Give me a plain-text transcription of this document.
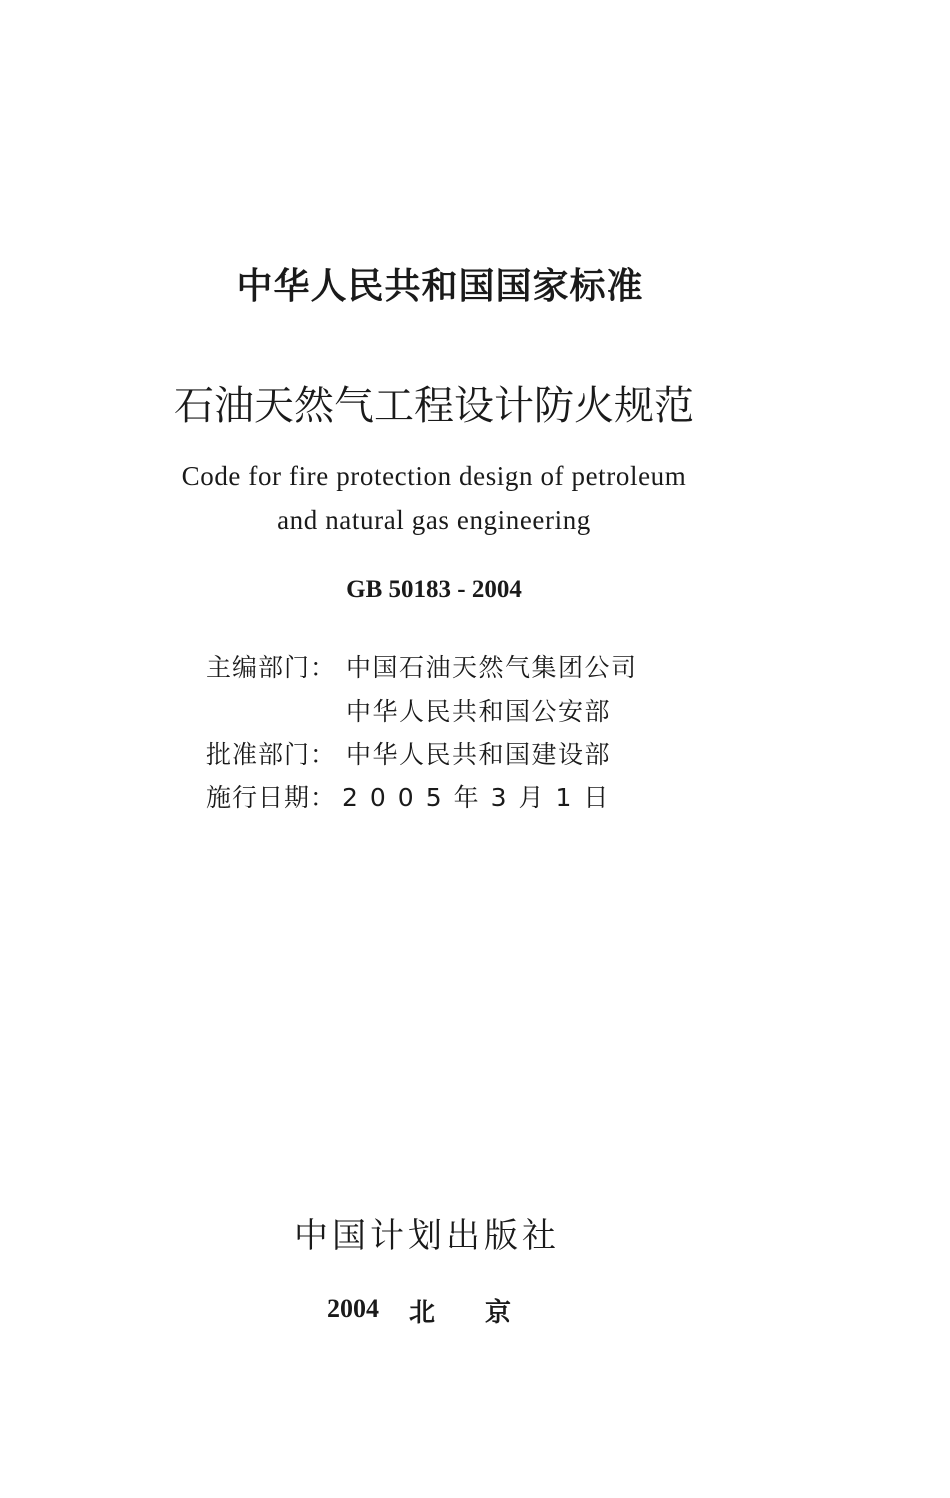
中华人民共和国国家标准
石油天然气工程设计防火规范
Code for fire protection design of petroleum
and natural gas engineering
GB 50183 - 2004
主编部门： 中国石油天然气集团公司
中华人民共和国公安部
批准部门： 中华人民共和国建设部
施行日期： 2005年3月1日
中国计划出版社
2004 北京
